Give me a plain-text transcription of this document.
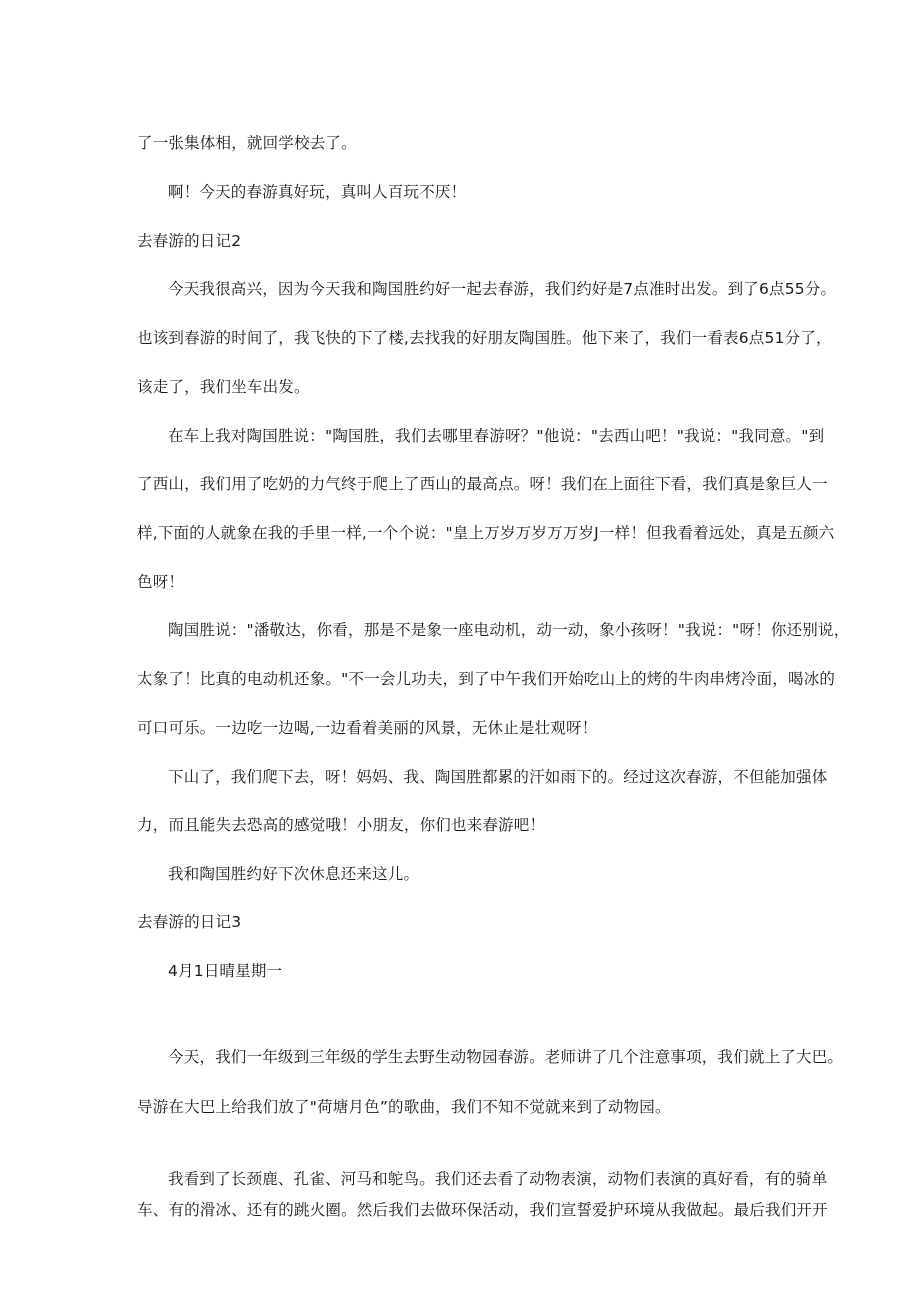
了一张集体相，就回学校去了。
啊！今天的春游真好玩，真叫人百玩不厌！
去春游的日记2
今天我很高兴，因为今天我和陶国胜约好一起去春游，我们约好是7点准时出发。到了6点55分。
也该到春游的时间了，我飞快的下了楼,去找我的好朋友陶国胜。他下来了，我们一看表6点51分了，
该走了，我们坐车出发。
在车上我对陶国胜说："陶国胜，我们去哪里春游呀？"他说："去西山吧！"我说："我同意。"到
了西山，我们用了吃奶的力气终于爬上了西山的最高点。呀！我们在上面往下看，我们真是象巨人一
样,下面的人就象在我的手里一样,一个个说："皇上万岁万岁万万岁J一样！但我看着远处，真是五颜六
色呀！
陶国胜说："潘敬达，你看，那是不是象一座电动机，动一动，象小孩呀！"我说："呀！你还别说，
太象了！比真的电动机还象。"不一会儿功夫，到了中午我们开始吃山上的烤的牛肉串烤冷面，喝冰的
可口可乐。一边吃一边喝,一边看着美丽的风景，无休止是壮观呀！
下山了，我们爬下去，呀！妈妈、我、陶国胜都累的汗如雨下的。经过这次春游，不但能加强体
力，而且能失去恐高的感觉哦！小朋友，你们也来春游吧！
我和陶国胜约好下次休息还来这儿。
去春游的日记3
4月1日晴星期一
今天，我们一年级到三年级的学生去野生动物园春游。老师讲了几个注意事项，我们就上了大巴。
导游在大巴上给我们放了"荷塘月色”的歌曲，我们不知不觉就来到了动物园。
我看到了长颈鹿、孔雀、河马和鸵鸟。我们还去看了动物表演，动物们表演的真好看，有的骑单
车、有的滑冰、还有的跳火圈。然后我们去做环保活动，我们宣誓爱护环境从我做起。最后我们开开
